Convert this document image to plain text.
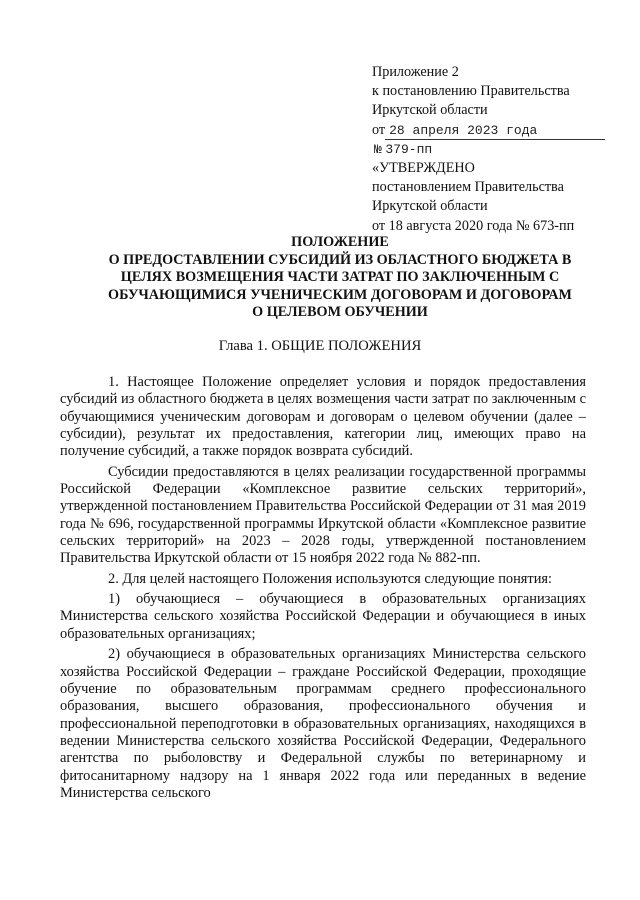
Приложение 2
к постановлению Правительства
Иркутской области
от 28 апреля 2023 года
№ 379-пп
«УТВЕРЖДЕНО
постановлением Правительства
Иркутской области
от 18 августа 2020 года № 673-пп
ПОЛОЖЕНИЕ
О ПРЕДОСТАВЛЕНИИ СУБСИДИЙ ИЗ ОБЛАСТНОГО БЮДЖЕТА В
ЦЕЛЯХ ВОЗМЕЩЕНИЯ ЧАСТИ ЗАТРАТ ПО ЗАКЛЮЧЕННЫМ С
ОБУЧАЮЩИМИСЯ УЧЕНИЧЕСКИМ ДОГОВОРАМ И ДОГОВОРАМ
О ЦЕЛЕВОМ ОБУЧЕНИИ
Глава 1. ОБЩИЕ ПОЛОЖЕНИЯ

1. Настоящее Положение определяет условия и порядок предоставления субсидий из областного бюджета в целях возмещения части затрат по заключенным с обучающимися ученическим договорам и договорам о целевом обучении (далее – субсидии), результат их предоставления, категории лиц, имеющих право на получение субсидий, а также порядок возврата субсидий.

Субсидии предоставляются в целях реализации государственной программы Российской Федерации «Комплексное развитие сельских территорий», утвержденной постановлением Правительства Российской Федерации от 31 мая 2019 года № 696, государственной программы Иркутской области «Комплексное развитие сельских территорий» на 2023 – 2028 годы, утвержденной постановлением Правительства Иркутской области от 15 ноября 2022 года № 882-пп.

2. Для целей настоящего Положения используются следующие понятия:

1) обучающиеся – обучающиеся в образовательных организациях Министерства сельского хозяйства Российской Федерации и обучающиеся в иных образовательных организациях;

2) обучающиеся в образовательных организациях Министерства сельского хозяйства Российской Федерации – граждане Российской Федерации, проходящие обучение по образовательным программам среднего профессионального образования, высшего образования, профессионального обучения и профессиональной переподготовки в образовательных организациях, находящихся в ведении Министерства сельского хозяйства Российской Федерации, Федерального агентства по рыболовству и Федеральной службы по ветеринарному и фитосанитарному надзору на 1 января 2022 года или переданных в ведение Министерства сельского
